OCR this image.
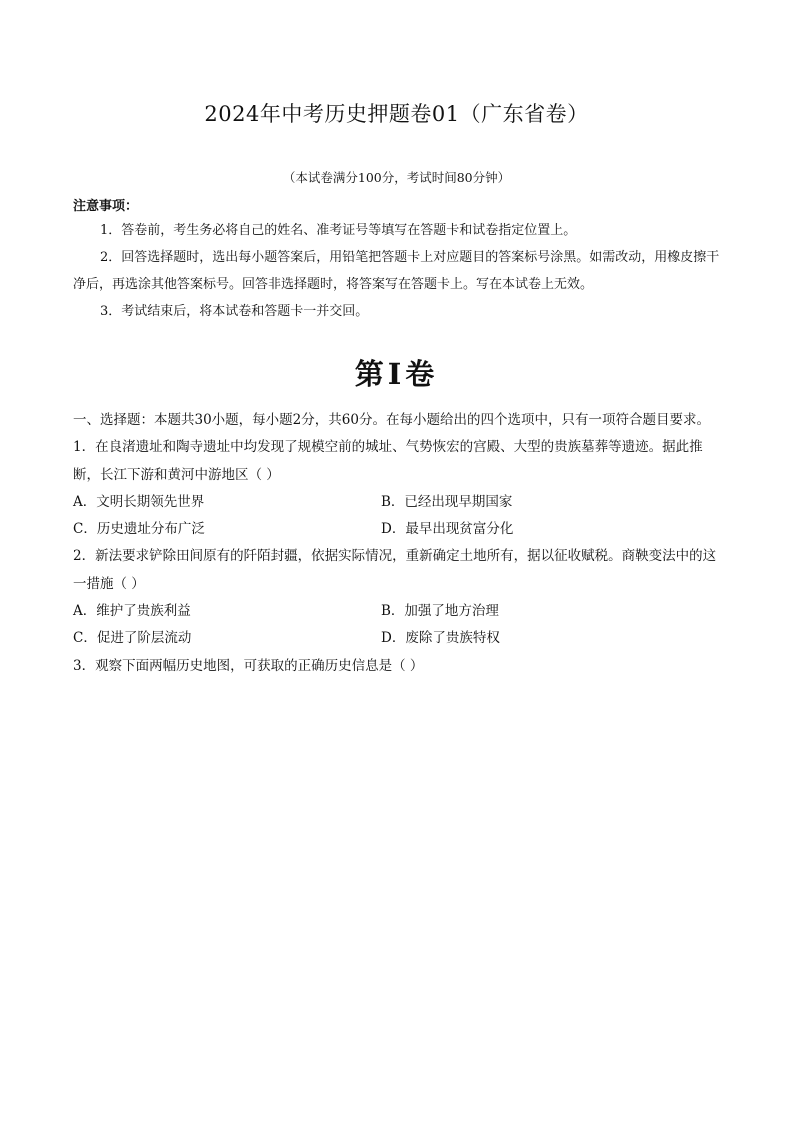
2024年中考历史押题卷01（广东省卷）
（本试卷满分100分，考试时间80分钟）
注意事项：
1．答卷前，考生务必将自己的姓名、准考证号等填写在答题卡和试卷指定位置上。
2．回答选择题时，选出每小题答案后，用铅笔把答题卡上对应题目的答案标号涂黑。如需改动，用橡皮擦干净后，再选涂其他答案标号。回答非选择题时，将答案写在答题卡上。写在本试卷上无效。
3．考试结束后，将本试卷和答题卡一并交回。
第I卷
一、选择题：本题共30小题，每小题2分，共60分。在每小题给出的四个选项中，只有一项符合题目要求。
1．在良渚遗址和陶寺遗址中均发现了规模空前的城址、气势恢宏的宫殿、大型的贵族墓葬等遗迹。据此推断，长江下游和黄河中游地区（ ）
A．文明长期领先世界	B．已经出现早期国家
C．历史遗址分布广泛	D．最早出现贫富分化
2．新法要求铲除田间原有的阡陌封疆，依据实际情况，重新确定土地所有，据以征收赋税。商鞅变法中的这一措施（ ）
A．维护了贵族利益	B．加强了地方治理
C．促进了阶层流动	D．废除了贵族特权
3．观察下面两幅历史地图，可获取的正确历史信息是（ ）
